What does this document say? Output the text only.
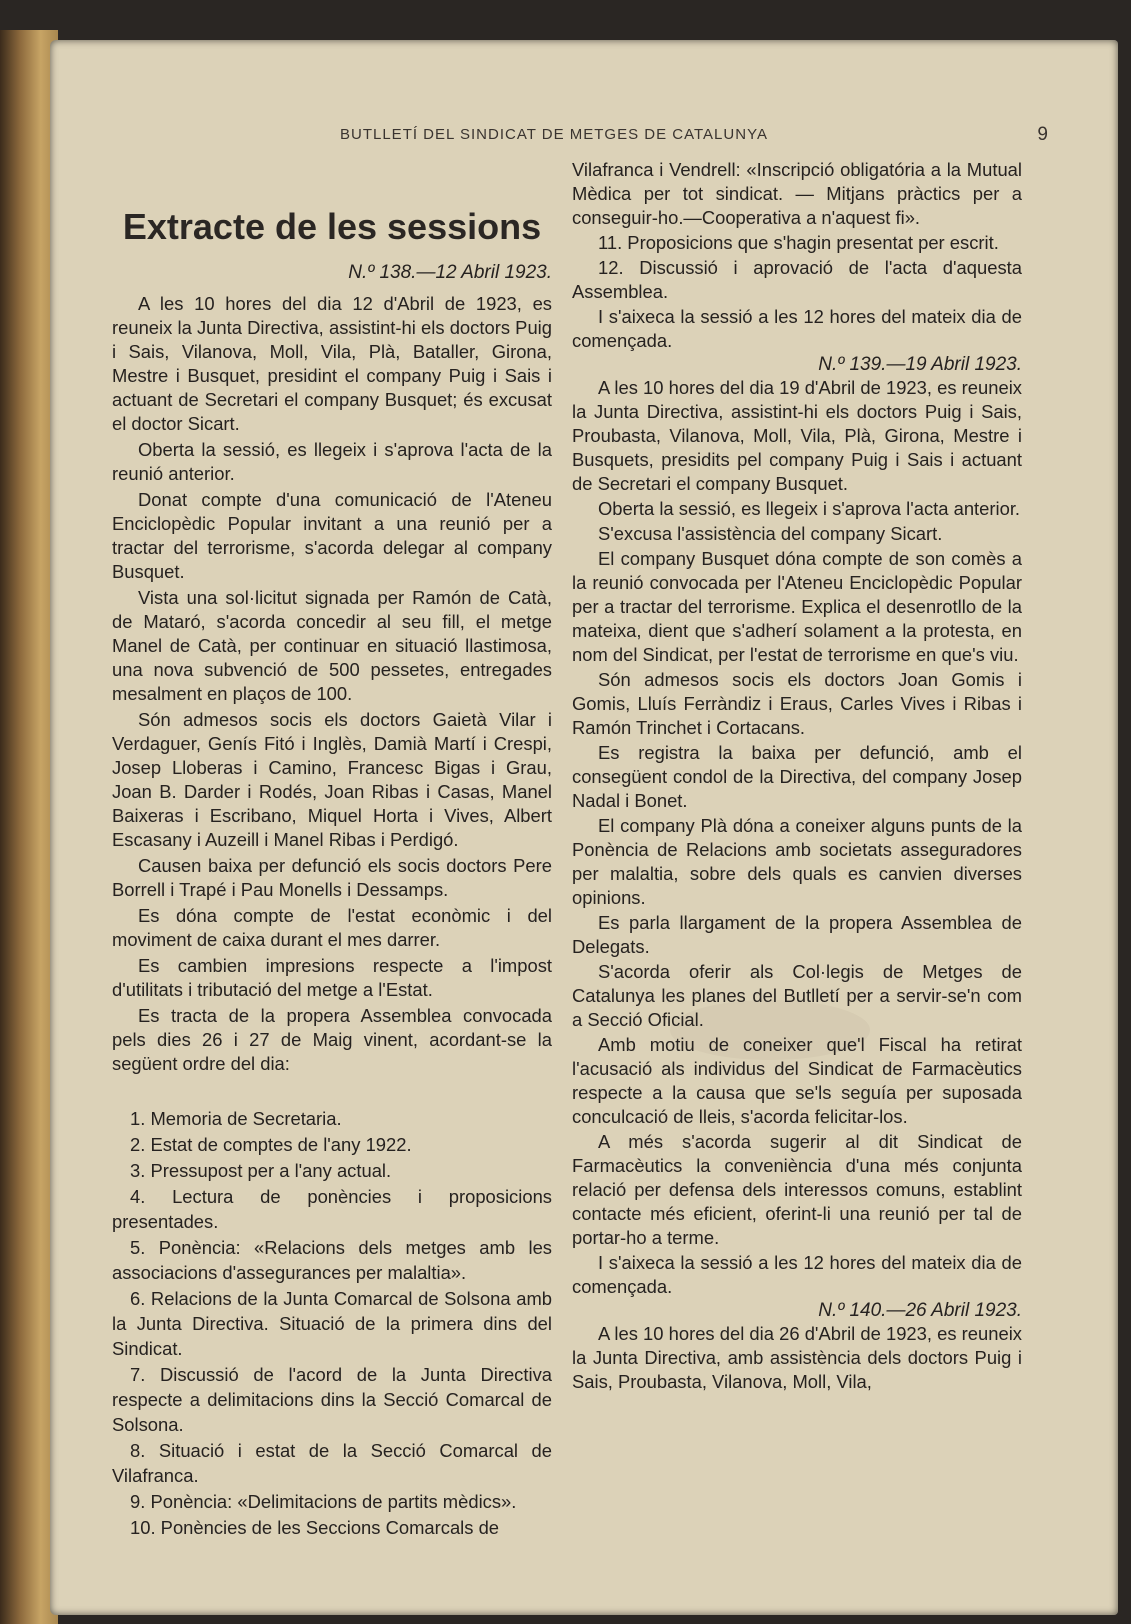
BUTLLETÍ DEL SINDICAT DE METGES DE CATALUNYA	9
Extracte de les sessions
N.º 138.—12 Abril 1923.

A les 10 hores del dia 12 d'Abril de 1923, es reuneix la Junta Directiva, assistint-hi els doctors Puig i Sais, Vilanova, Moll, Vila, Plà, Bataller, Girona, Mestre i Busquet, presidint el company Puig i Sais i actuant de Secretari el company Busquet; és excusat el doctor Sicart.

Oberta la sessió, es llegeix i s'aprova l'acta de la reunió anterior.

Donat compte d'una comunicació de l'Ateneu Enciclopèdic Popular invitant a una reunió per a tractar del terrorisme, s'acorda delegar al company Busquet.

Vista una sol·licitut signada per Ramón de Catà, de Mataró, s'acorda concedir al seu fill, el metge Manel de Catà, per continuar en situació llastimosa, una nova subvenció de 500 pessetes, entregades mesalment en plaços de 100.

Són admesos socis els doctors Gaietà Vilar i Verdaguer, Genís Fitó i Inglès, Damià Martí i Crespi, Josep Lloberas i Camino, Francesc Bigas i Grau, Joan B. Darder i Rodés, Joan Ribas i Casas, Manel Baixeras i Escribano, Miquel Horta i Vives, Albert Escasany i Auzeill i Manel Ribas i Perdigó.

Causen baixa per defunció els socis doctors Pere Borrell i Trapé i Pau Monells i Dessamps.

Es dóna compte de l'estat econòmic i del moviment de caixa durant el mes darrer.

Es cambien impresions respecte a l'impost d'utilitats i tributació del metge a l'Estat.

Es tracta de la propera Assemblea convocada pels dies 26 i 27 de Maig vinent, acordant-se la següent ordre del dia:

1. Memoria de Secretaria.
2. Estat de comptes de l'any 1922.
3. Pressupost per a l'any actual.
4. Lectura de ponències i proposicions presentades.
5. Ponència: «Relacions dels metges amb les associacions d'assegurances per malaltia».
6. Relacions de la Junta Comarcal de Solsona amb la Junta Directiva. Situació de la primera dins del Sindicat.
7. Discussió de l'acord de la Junta Directiva respecte a delimitacions dins la Secció Comarcal de Solsona.
8. Situació i estat de la Secció Comarcal de Vilafranca.
9. Ponència: «Delimitacions de partits mèdics».
10. Ponències de les Seccions Comarcals de

Vilafranca i Vendrell: «Inscripció obligatória a la Mutual Mèdica per tot sindicat. — Mitjans pràctics per a conseguir-ho.—Cooperativa a n'aquest fi».

11. Proposicions que s'hagin presentat per escrit.

12. Discussió i aprovació de l'acta d'aquesta Assemblea.

I s'aixeca la sessió a les 12 hores del mateix dia de començada.

N.º 139.—19 Abril 1923.

A les 10 hores del dia 19 d'Abril de 1923, es reuneix la Junta Directiva, assistint-hi els doctors Puig i Sais, Proubasta, Vilanova, Moll, Vila, Plà, Girona, Mestre i Busquets, presidits pel company Puig i Sais i actuant de Secretari el company Busquet.

Oberta la sessió, es llegeix i s'aprova l'acta anterior.

S'excusa l'assistència del company Sicart.

El company Busquet dóna compte de son comès a la reunió convocada per l'Ateneu Enciclopèdic Popular per a tractar del terrorisme. Explica el desenrotllo de la mateixa, dient que s'adherí solament a la protesta, en nom del Sindicat, per l'estat de terrorisme en que's viu.

Són admesos socis els doctors Joan Gomis i Gomis, Lluís Ferràndiz i Eraus, Carles Vives i Ribas i Ramón Trinchet i Cortacans.

Es registra la baixa per defunció, amb el consegüent condol de la Directiva, del company Josep Nadal i Bonet.

El company Plà dóna a coneixer alguns punts de la Ponència de Relacions amb societats asseguradores per malaltia, sobre dels quals es canvien diverses opinions.

Es parla llargament de la propera Assemblea de Delegats.

S'acorda oferir als Col·legis de Metges de Catalunya les planes del Butlletí per a servir-se'n com a Secció Oficial.

Amb motiu de coneixer que'l Fiscal ha retirat l'acusació als individus del Sindicat de Farmacèutics respecte a la causa que se'ls seguía per suposada conculcació de lleis, s'acorda felicitar-los.

A més s'acorda sugerir al dit Sindicat de Farmacèutics la conveniència d'una més conjunta relació per defensa dels interessos comuns, establint contacte més eficient, oferint-li una reunió per tal de portar-ho a terme.

I s'aixeca la sessió a les 12 hores del mateix dia de començada.

N.º 140.—26 Abril 1923.

A les 10 hores del dia 26 d'Abril de 1923, es reuneix la Junta Directiva, amb assistència dels doctors Puig i Sais, Proubasta, Vilanova, Moll, Vila,
